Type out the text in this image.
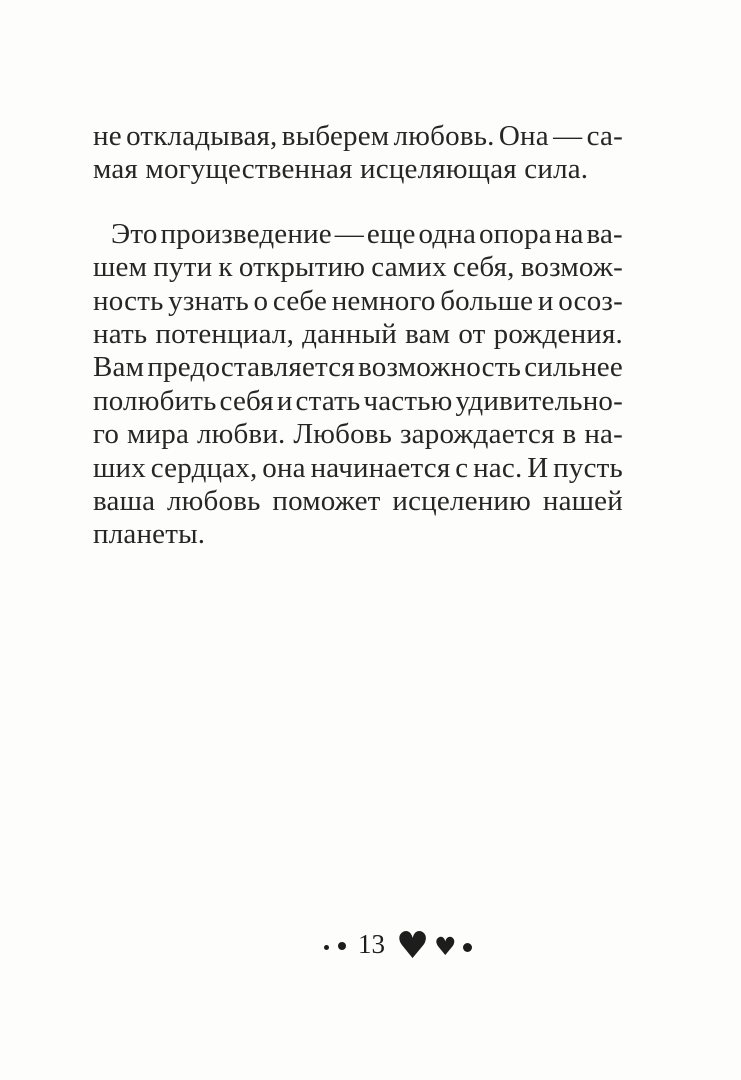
не откладывая, выберем любовь. Она — са-
мая могущественная исцеляющая сила.
Это произведение — еще одна опора на ва-
шем пути к открытию самих себя, возмож-
ность узнать о себе немного больше и осоз-
нать потенциал, данный вам от рождения.
Вам предоставляется возможность сильнее
полюбить себя и стать частью удивительно-
го мира любви. Любовь зарождается в на-
ших сердцах, она начинается с нас. И пусть
ваша любовь поможет исцелению нашей
планеты.
13 ♥ ♥
